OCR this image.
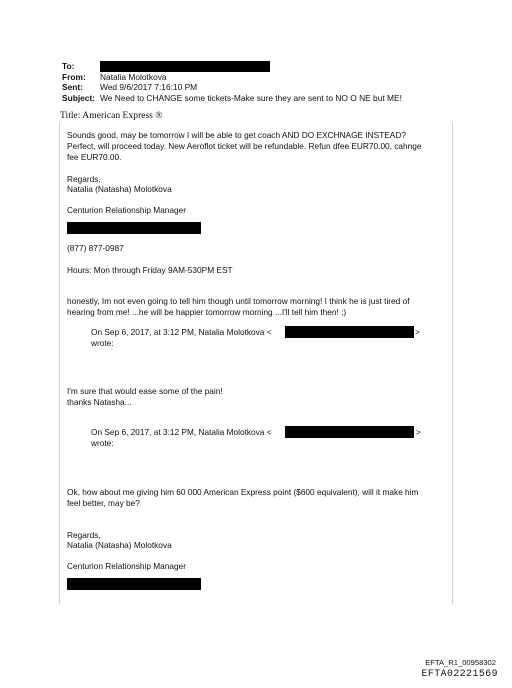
To:
From:	Natalia Molotkova
Sent:	Wed 9/6/2017 7:16:10 PM
Subject: We Need to CHANGE some tickets-Make sure they are sent to NO O NE but ME!
Title: American Express ®
Sounds good, may be tomorrow I will be able to get coach AND DO EXCHNAGE INSTEAD?
Perfect, will proceed today. New Aeroflot ticket will be refundable. Refun dfee EUR70.00, cahnge
fee EUR70.00.
Regards,
Natalia (Natasha) Molotkova
Centurion Relationship Manager
(877) 877-0987
Hours: Mon through Friday 9AM-530PM EST
honestly, Im not even going to tell him though until tomorrow morning! I think he is just tired of
hearing from me! ...he will be happier tomorrow morning ...I'll tell him then! ;)
On Sep 6, 2017, at 3:12 PM, Natalia Molotkova <	>
wrote:
I'm sure that would ease some of the pain!
thanks Natasha...
On Sep 6, 2017, at 3:12 PM, Natalia Molotkova <	>
wrote:
Ok, how about me giving him 60 000 American Express point ($600 equivalent), will it make him
feel better, may be?
Regards,
Natalia (Natasha) Molotkova
Centurion Relationship Manager
EFTA_R1_00958302
EFTA02221569
